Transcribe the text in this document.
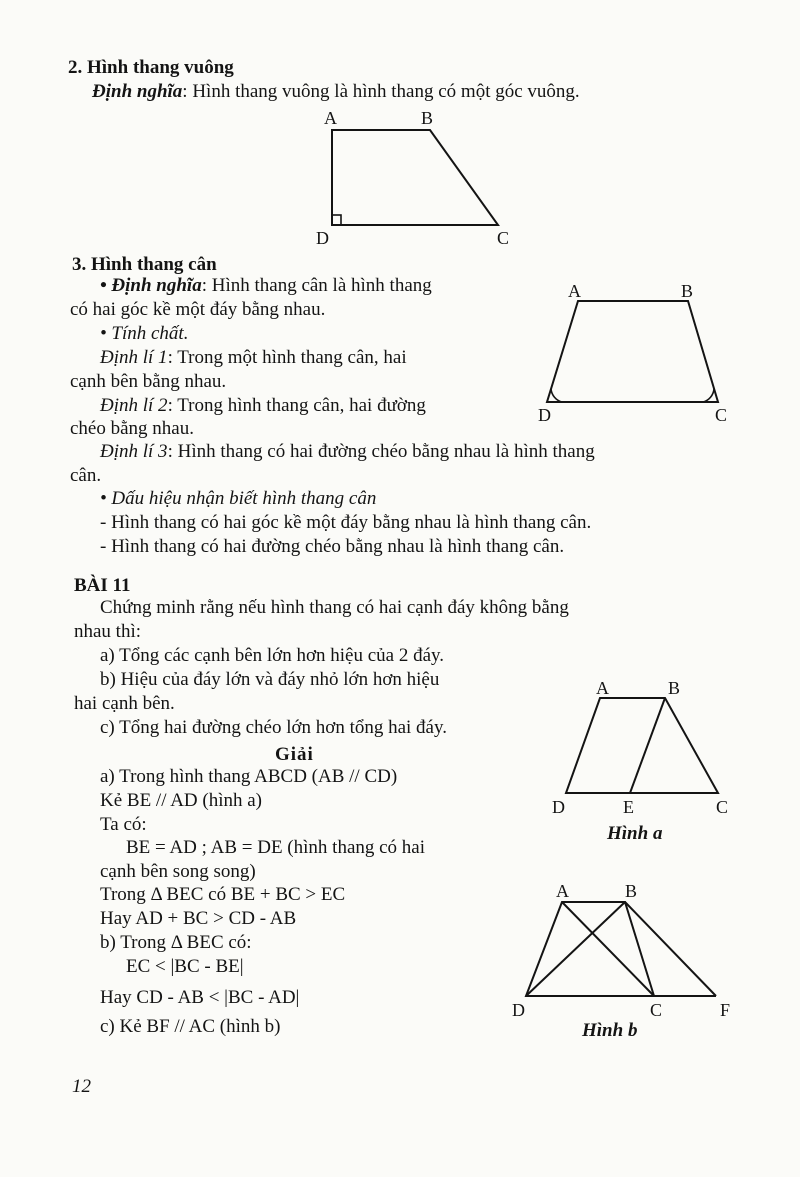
2. Hình thang vuông
Định nghĩa: Hình thang vuông là hình thang có một góc vuông.
A	B
C
D
3. Hình thang cân
• Định nghĩa: Hình thang cân là hình thang
có hai góc kề một đáy bằng nhau.
• Tính chất.
Định lí 1: Trong một hình thang cân, hai
cạnh bên bằng nhau.
Định lí 2: Trong hình thang cân, hai đường
chéo bằng nhau.
Định lí 3: Hình thang có hai đường chéo bằng nhau là hình thang
cân.
• Dấu hiệu nhận biết hình thang cân
- Hình thang có hai góc kề một đáy bằng nhau là hình thang cân.
- Hình thang có hai đường chéo bằng nhau là hình thang cân.
A	B
C
D
BÀI 11
Chứng minh rằng nếu hình thang có hai cạnh đáy không bằng
nhau thì:
a) Tổng các cạnh bên lớn hơn hiệu của 2 đáy.
b) Hiệu của đáy lớn và đáy nhỏ lớn hơn hiệu
hai cạnh bên.
c) Tổng hai đường chéo lớn hơn tổng hai đáy.
Giải
a) Trong hình thang ABCD (AB // CD)
Kẻ BE // AD (hình a)
Ta có:
BE = AD ; AB = DE (hình thang có hai
cạnh bên song song)
Trong Δ BEC có BE + BC > EC
Hay AD + BC > CD - AB
b) Trong Δ BEC có:
EC < |BC - BE|
Hay CD - AB < |BC - AD|
c) Kẻ BF // AC (hình b)
A	B
C
D	E
Hình a
A	B
C
D	F
Hình b
12
